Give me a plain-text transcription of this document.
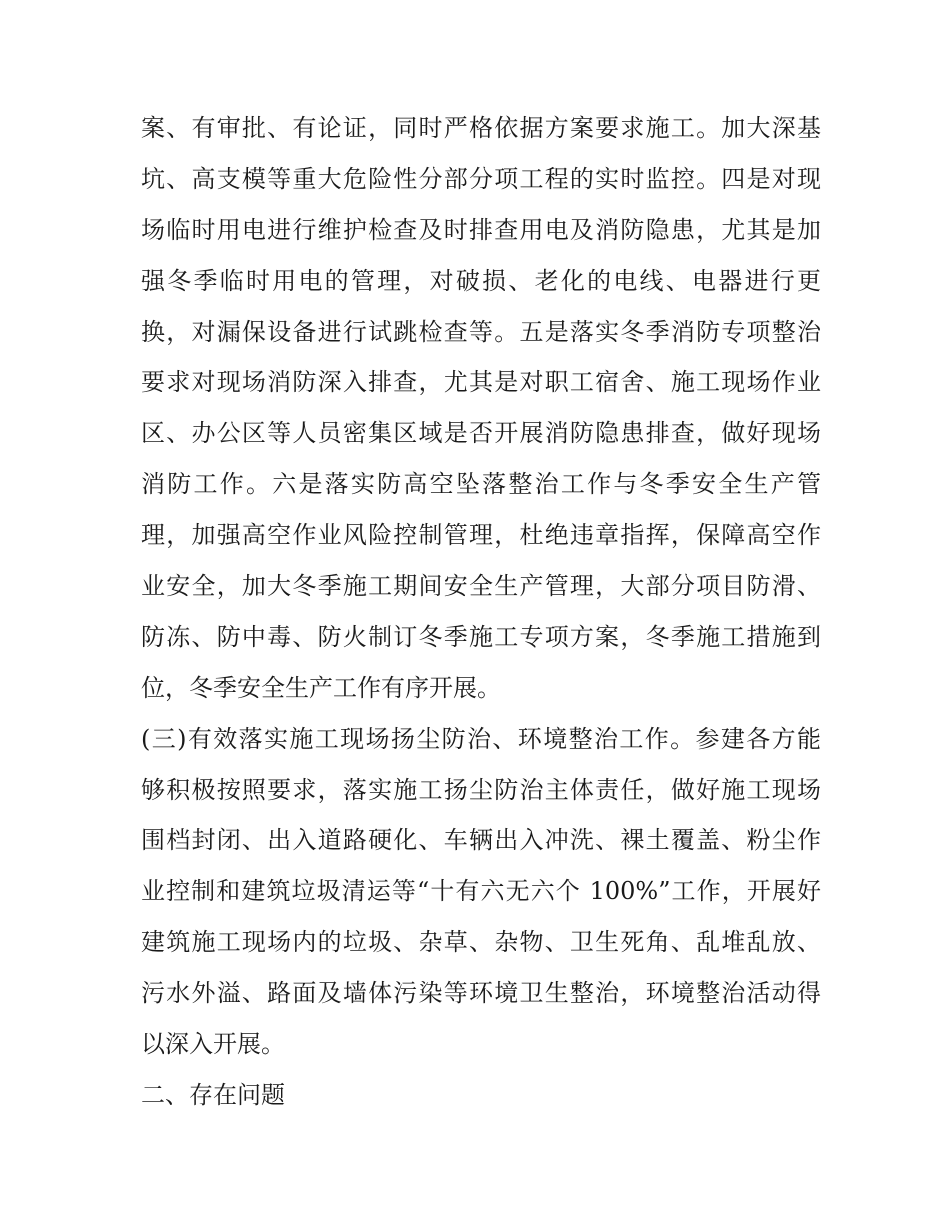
案、有审批、有论证，同时严格依据方案要求施工。加大深基
坑、高支模等重大危险性分部分项工程的实时监控。四是对现
场临时用电进行维护检查及时排查用电及消防隐患，尤其是加
强冬季临时用电的管理，对破损、老化的电线、电器进行更
换，对漏保设备进行试跳检查等。五是落实冬季消防专项整治
要求对现场消防深入排查，尤其是对职工宿舍、施工现场作业
区、办公区等人员密集区域是否开展消防隐患排查，做好现场
消防工作。六是落实防高空坠落整治工作与冬季安全生产管
理，加强高空作业风险控制管理，杜绝违章指挥，保障高空作
业安全，加大冬季施工期间安全生产管理，大部分项目防滑、
防冻、防中毒、防火制订冬季施工专项方案，冬季施工措施到
位，冬季安全生产工作有序开展。
(三)有效落实施工现场扬尘防治、环境整治工作。参建各方能
够积极按照要求，落实施工扬尘防治主体责任，做好施工现场
围档封闭、出入道路硬化、车辆出入冲洗、裸土覆盖、粉尘作
业控制和建筑垃圾清运等“十有六无六个 100%”工作，开展好
建筑施工现场内的垃圾、杂草、杂物、卫生死角、乱堆乱放、
污水外溢、路面及墙体污染等环境卫生整治，环境整治活动得
以深入开展。
二、存在问题
